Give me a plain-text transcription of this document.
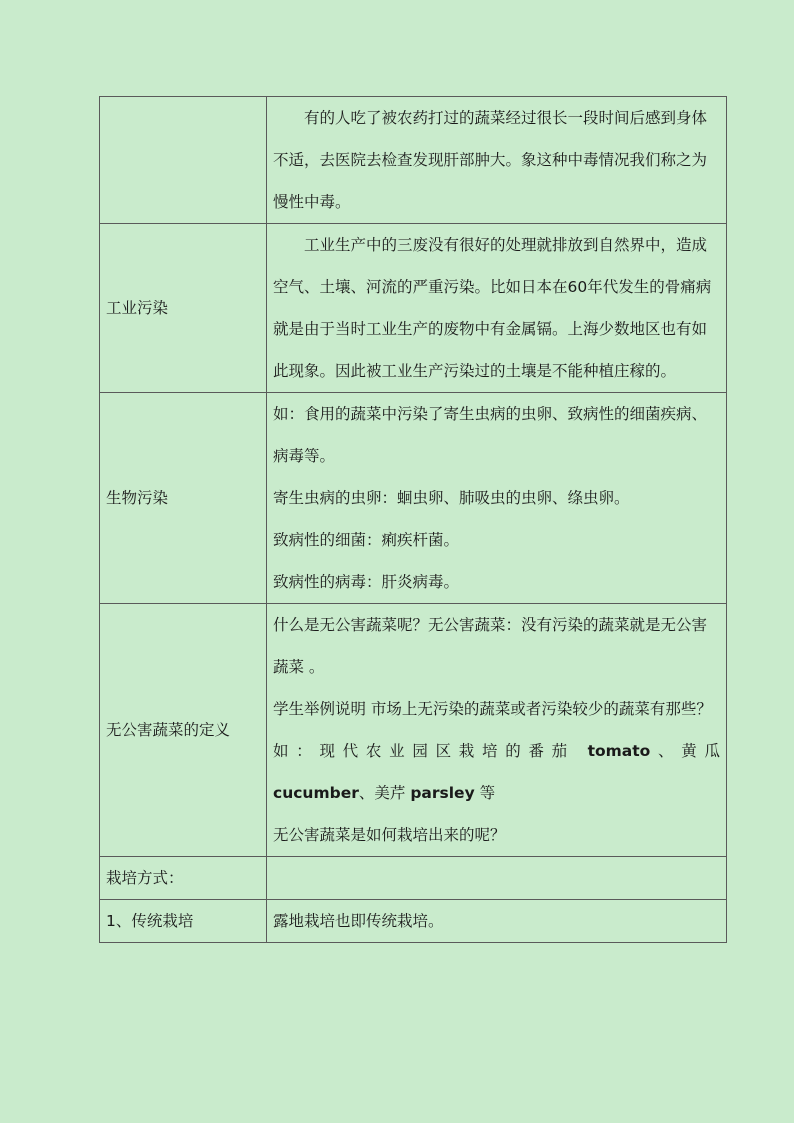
	有的人吃了被农药打过的蔬菜经过很长一段时间后感到身体不适，去医院去检查发现肝部肿大。象这种中毒情况我们称之为慢性中毒。

工业污染	工业生产中的三废没有很好的处理就排放到自然界中，造成空气、土壤、河流的严重污染。比如日本在60年代发生的骨痛病就是由于当时工业生产的废物中有金属镉。上海少数地区也有如此现象。因此被工业生产污染过的土壤是不能种植庄稼的。

生物污染	如：食用的蔬菜中污染了寄生虫病的虫卵、致病性的细菌疾病、病毒等。

寄生虫病的虫卵：蛔虫卵、肺吸虫的虫卵、绦虫卵。

致病性的细菌：痢疾杆菌。

致病性的病毒：肝炎病毒。

无公害蔬菜的定义	什么是无公害蔬菜呢？无公害蔬菜：没有污染的蔬菜就是无公害蔬菜 。

学生举例说明 市场上无污染的蔬菜或者污染较少的蔬菜有那些？

如：现代农业园区栽培的番茄 tomato、黄瓜

cucumber、美芹 parsley 等

无公害蔬菜是如何栽培出来的呢？

栽培方式：	
1、传统栽培	露地栽培也即传统栽培。
